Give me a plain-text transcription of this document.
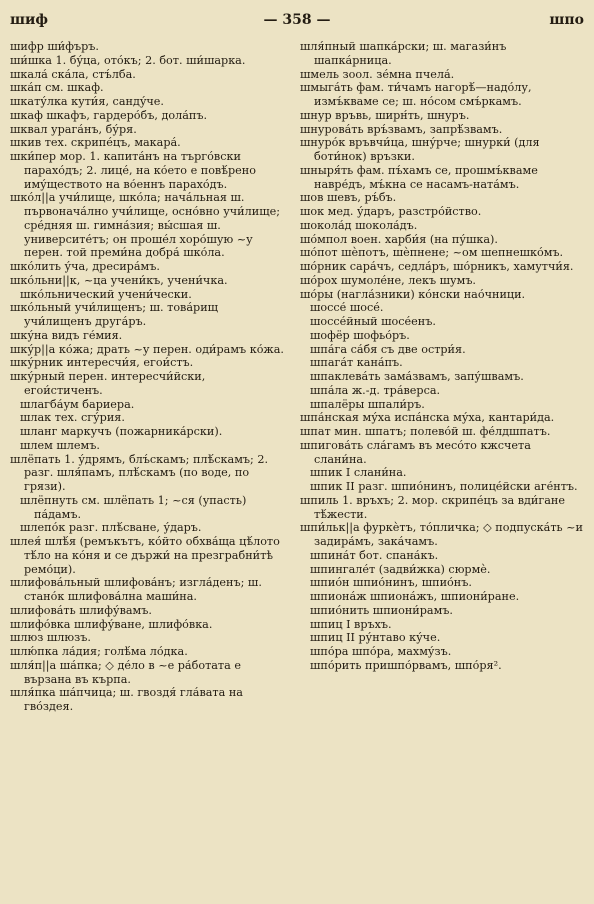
— 358 —
шиф	шпо

шифр ши́фъръ.

ши́шка 1. бу́ца, ото́къ; 2. бот. ши́шарка.

шкала́ ска́ла, стъ́лба.

шка́п см. шкаф.

шкату́лка кути́я, санду́че.

шкаф шкафъ, гардеро́бъ, дола́пъ.

шквал урага́нъ, бу́ря.

шкив тех. скрипе́цъ, макара́.

шки́пер мор. 1. капита́нъ на търго́вски парахо́дъ; 2. лице́, на ко́ето е повѣ́рено иму́ществото на во́еннъ парахо́дъ.

шко́л||а учи́лище, шко́ла; нача́льная ш. първонача́лно учи́лище, осно́вно учи́лище; сре́дняя ш. гимна́зия; вы́сшая ш. университе́тъ; он проше́л хоро́шую ~у перен. той преми́на добра́ шко́ла.

шко́лить у́ча, дресира́мъ.

шко́льни||к, ~ца учени́къ, учени́чка.

шко́льнический учени́чески.

шко́льный учи́лищенъ; ш. това́рищ учи́лищенъ друга́ръ.

шку́на видъ ге́мия.

шку́р||а ко́жа; драть ~у перен. оди́рамъ ко́жа.

шку́рник интересчи́я, егои́стъ.

шку́рный перен. интересчи́йски, егои́стиченъ.

шлагба́ум бариера.

шлак тех. сгу́рия.

шланг маркучъ (пожарника́рски).

шлем шлемъ.

шлёпать 1. у́дрямъ, блъ́скамъ; плѣ́скамъ; 2. разг. шля́памъ, плѣ́скамъ (по воде, по грязи).

шлёпнуть см. шлёпать 1; ~ся (упасть) па́дамъ.

шлепо́к разг. плѣ́сване, у́даръ.

шлея́ шлѣ́я (ремъкътъ, ко́йто обхва́ща цѣ́лото тѣ́ло на ко́ня и се държи́ на презграбни́тѣ ремо́ци).

шлифова́льный шлифова́нъ; изгла́денъ; ш. стано́к шлифова́лна маши́на.

шлифова́ть шлифу́вамъ.

шлифо́вка шлифу́ване, шлифо́вка.

шлюз шлюзъ.

шлю́пка ла́дия; голѣ́ма ло́дка.

шля́п||а ша́пка; ◇ де́ло в ~е ра́ботата е вързана въ кърпа.

шля́пка ша́пчица; ш. гвоздя́ гла́вата на гво́здея.

шля́пный шапка́рски; ш. магази́нъ шапка́рница.

шмель зоол. зе́мна пчела́.

шмыга́ть фам. ти́чамъ нагорѣ́—надо́лу, измъ́кваме се; ш. но́сом смъ́ркамъ.

шнур връвь, ширн́ть, шнуръ.

шнурова́ть връ́звамъ, запрѣ́звамъ.

шнуро́к връвчи́ца, шну́рче; шнурки́ (для боти́нок) връзки.

шныря́ть фам. пъ́хамъ се, прошмъ́кваме навре́дъ, мъ́кна се насамъ-ната́мъ.

шов шевъ, ръ́бъ.

шок мед. у́даръ, разстро́йство.

шокола́д шокола́дъ.

шо́мпол воен. харби́я (на пу́шка).

шо́пот шѐпотъ, шѐпнене; ~ом шепнешко́мъ.

шо́рник сара́чъ, седла́ръ, шо́рникъ, хамутчи́я.

шо́рох шумоле́не, лекъ шумъ.

шо́ры (нагла́зники) ко́нски нао́чници.

шоссе́ шосе́.

шоссе́йный шосе́енъ.

шофёр шофьо́ръ.

шпа́га са́бя съ две остри́я.

шпага́т кана́пъ.

шпаклева́ть зама́звамъ, запу́швамъ.

шпа́ла ж.-д. тра́верса.

шпалёры шпали́ръ.

шпа́нская му́ха испа́нска му́ха, кантари́да.

шпат мин. шпатъ; полево́й ш. фе́лдшпатъ.

шпигова́ть сла́гамъ въ месо́то кжсчета слани́на.

шпик I слани́на.

шпик II разг. шпио́нинъ, полице́йски аге́нтъ.

шпиль 1. връхъ; 2. мор. скрипе́цъ за вди́гане тѣ́жести.

шпи́льк||а фуркѐтъ, то́пличка; ◇ подпуска́ть ~и задира́мъ, зака́чамъ.

шпина́т бот. спана́къ.

шпингале́т (задви́жка) сюрмѐ.

шпио́н шпио́нинъ, шпио́нъ.

шпиона́ж шпиона́жъ, шпиони́ране.

шпио́нить шпиони́рамъ.

шпиц I връхъ.

шпиц II ру́нтаво ку́че.

шпо́ра шпо́ра, махму́зъ.

шпо́рить пришпо́рвамъ, шпо́ря².
